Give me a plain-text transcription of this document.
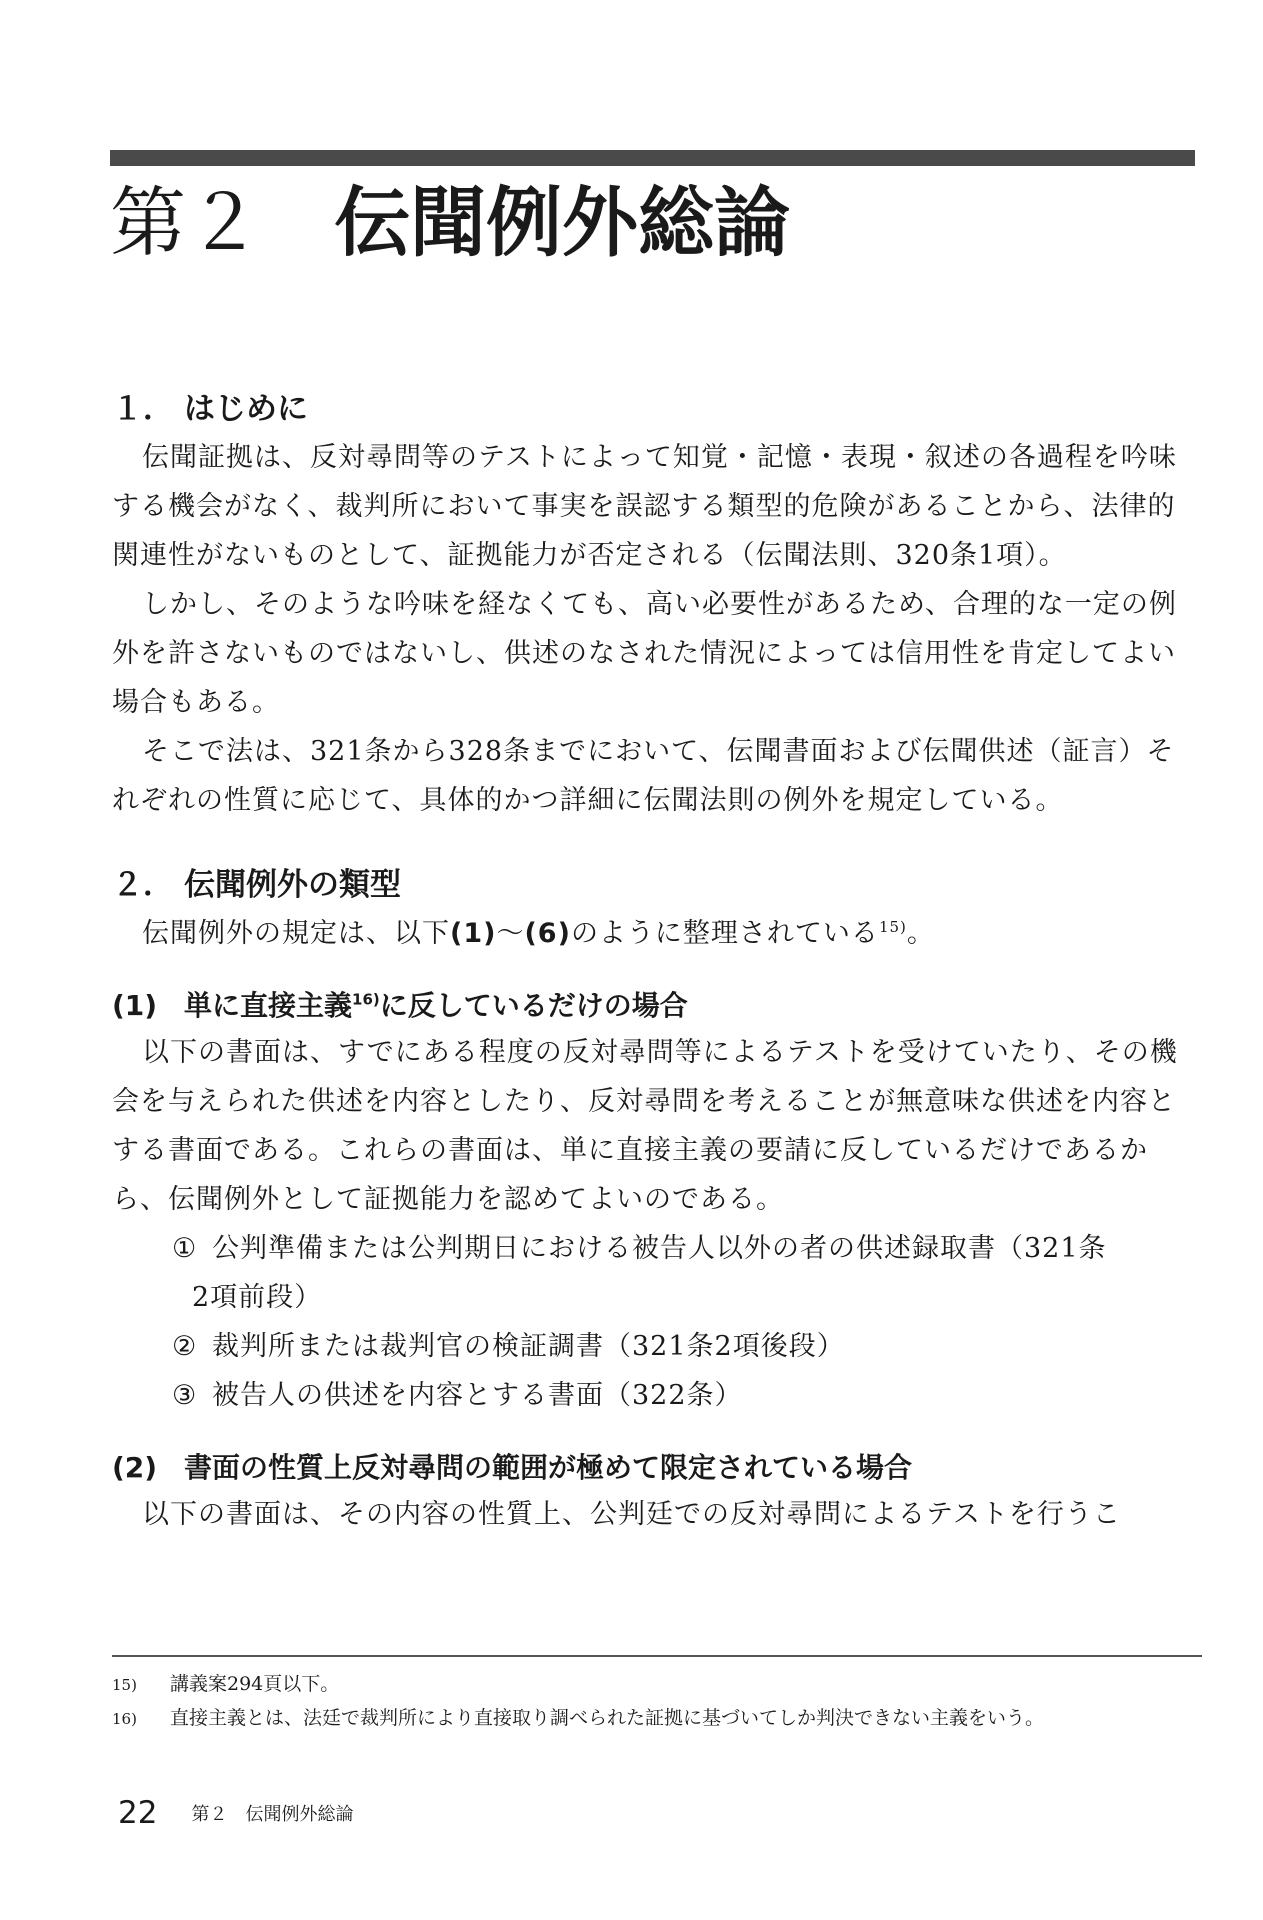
第２ 伝聞例外総論
１． はじめに

伝聞証拠は、反対尋問等のテストによって知覚・記憶・表現・叙述の各過程を吟味する機会がなく、裁判所において事実を誤認する類型的危険があることから、法律的関連性がないものとして、証拠能力が否定される（伝聞法則、320条1項）。

しかし、そのような吟味を経なくても、高い必要性があるため、合理的な一定の例外を許さないものではないし、供述のなされた情況によっては信用性を肯定してよい場合もある。

そこで法は、321条から328条までにおいて、伝聞書面および伝聞供述（証言）それぞれの性質に応じて、具体的かつ詳細に伝聞法則の例外を規定している。

２． 伝聞例外の類型

伝聞例外の規定は、以下(1)～(6)のように整理されている$^{15)}$。

(1) 単に直接主義$^{16)}$に反しているだけの場合

以下の書面は、すでにある程度の反対尋問等によるテストを受けていたり、その機会を与えられた供述を内容としたり、反対尋問を考えることが無意味な供述を内容とする書面である。これらの書面は、単に直接主義の要請に反しているだけであるから、伝聞例外として証拠能力を認めてよいのである。

① 公判準備または公判期日における被告人以外の者の供述録取書（321条
2項前段）
② 裁判所または裁判官の検証調書（321条2項後段）
③ 被告人の供述を内容とする書面（322条）
(2) 書面の性質上反対尋問の範囲が極めて限定されている場合

以下の書面は、その内容の性質上、公判廷での反対尋問によるテストを行うこ

15) 講義案294頁以下。
16) 直接主義とは、法廷で裁判所により直接取り調べられた証拠に基づいてしか判決できない主義をいう。
22 第２　伝聞例外総論
